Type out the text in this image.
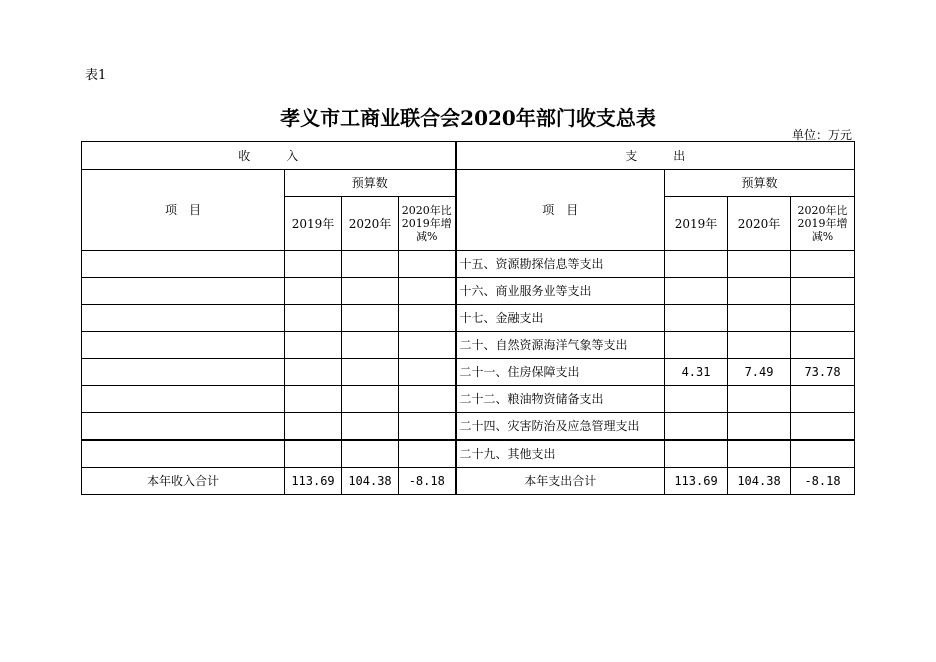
表1
孝义市工商业联合会2020年部门收支总表
单位：万元
收　　　入				支　　　出			
项　目	预算数			项　目	预算数		
	2019年	2020年	2020年比2019年增减%		2019年	2020年	2020年比2019年增减%
				十五、资源勘探信息等支出			
				十六、商业服务业等支出			
				十七、金融支出			
				二十、自然资源海洋气象等支出			
				二十一、住房保障支出	4.31	7.49	73.78
				二十二、粮油物资储备支出			
				二十四、灾害防治及应急管理支出			
				二十九、其他支出			
本年收入合计	113.69	104.38	-8.18	本年支出合计	113.69	104.38	-8.18
